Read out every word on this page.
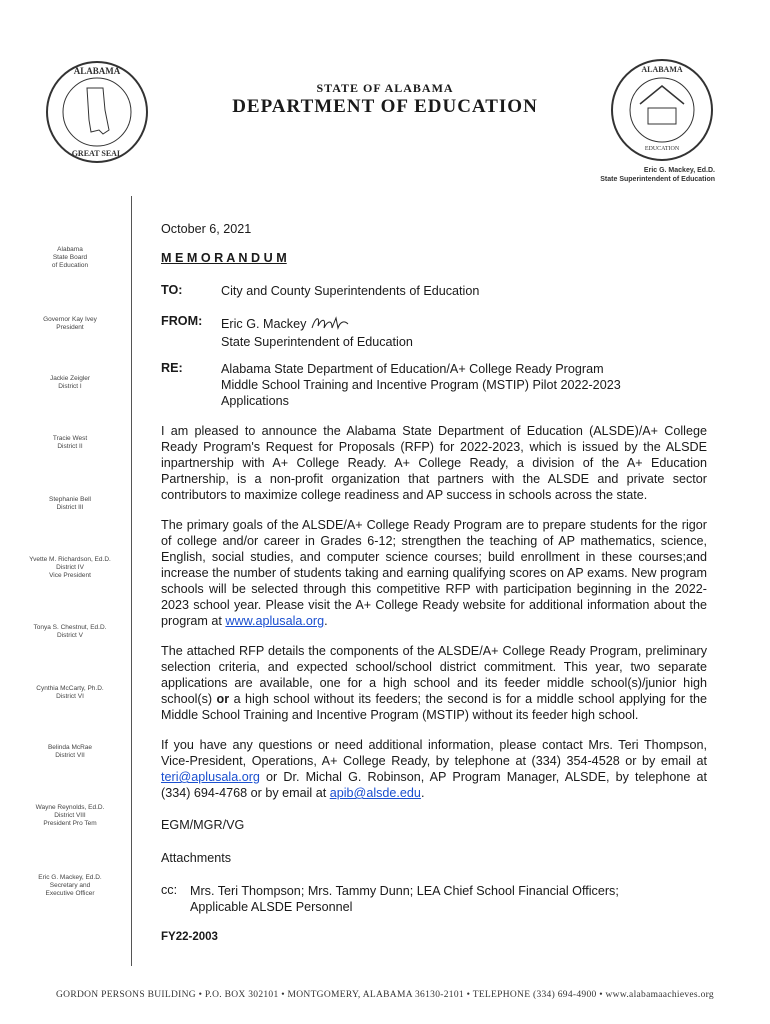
ALABAMA
GREAT SEAL
STATE OF ALABAMA
DEPARTMENT OF EDUCATION
ALABAMA
EDUCATION
Eric G. Mackey, Ed.D.
State Superintendent of Education
Alabama
State Board
of Education
Governor Kay Ivey
President
Jackie Zeigler
District I
Tracie West
District II
Stephanie Bell
District III
Yvette M. Richardson, Ed.D.
District IV
Vice President
Tonya S. Chestnut, Ed.D.
District V
Cynthia McCarty, Ph.D.
District VI
Belinda McRae
District VII
Wayne Reynolds, Ed.D.
District VIII
President Pro Tem
Eric G. Mackey, Ed.D.
Secretary and
Executive Officer
October 6, 2021
M E M O R A N D U M
TO:	City and County Superintendents of Education
FROM: Eric G. Mackey
State Superintendent of Education
RE:	Alabama State Department of Education/A+ College Ready Program
Middle School Training and Incentive Program (MSTIP) Pilot 2022-2023
Applications
I am pleased to announce the Alabama State Department of Education (ALSDE)/A+ College Ready Program's Request for Proposals (RFP) for 2022-2023, which is issued by the ALSDE inpartnership with A+ College Ready. A+ College Ready, a division of the A+ Education Partnership, is a non-profit organization that partners with the ALSDE and private sector contributors to maximize college readiness and AP success in schools across the state.
The primary goals of the ALSDE/A+ College Ready Program are to prepare students for the rigor of college and/or career in Grades 6-12; strengthen the teaching of AP mathematics, science, English, social studies, and computer science courses; build enrollment in these courses;and increase the number of students taking and earning qualifying scores on AP exams. New program schools will be selected through this competitive RFP with participation beginning in the 2022-2023 school year. Please visit the A+ College Ready website for additional information about the program at www.aplusala.org.
The attached RFP details the components of the ALSDE/A+ College Ready Program, preliminary selection criteria, and expected school/school district commitment. This year, two separate applications are available, one for a high school and its feeder middle school(s)/junior high school(s) or a high school without its feeders; the second is for a middle school applying for the Middle School Training and Incentive Program (MSTIP) without its feeder high school.
If you have any questions or need additional information, please contact Mrs. Teri Thompson, Vice-President, Operations, A+ College Ready, by telephone at (334) 354-4528 or by email at teri@aplusala.org or Dr. Michal G. Robinson, AP Program Manager, ALSDE, by telephone at (334) 694-4768 or by email at apib@alsde.edu.
EGM/MGR/VG
Attachments
cc: Mrs. Teri Thompson; Mrs. Tammy Dunn; LEA Chief School Financial Officers;
Applicable ALSDE Personnel
FY22-2003
GORDON PERSONS BUILDING • P.O. BOX 302101 • MONTGOMERY, ALABAMA 36130-2101 • TELEPHONE (334) 694-4900 • www.alabamaachieves.org
